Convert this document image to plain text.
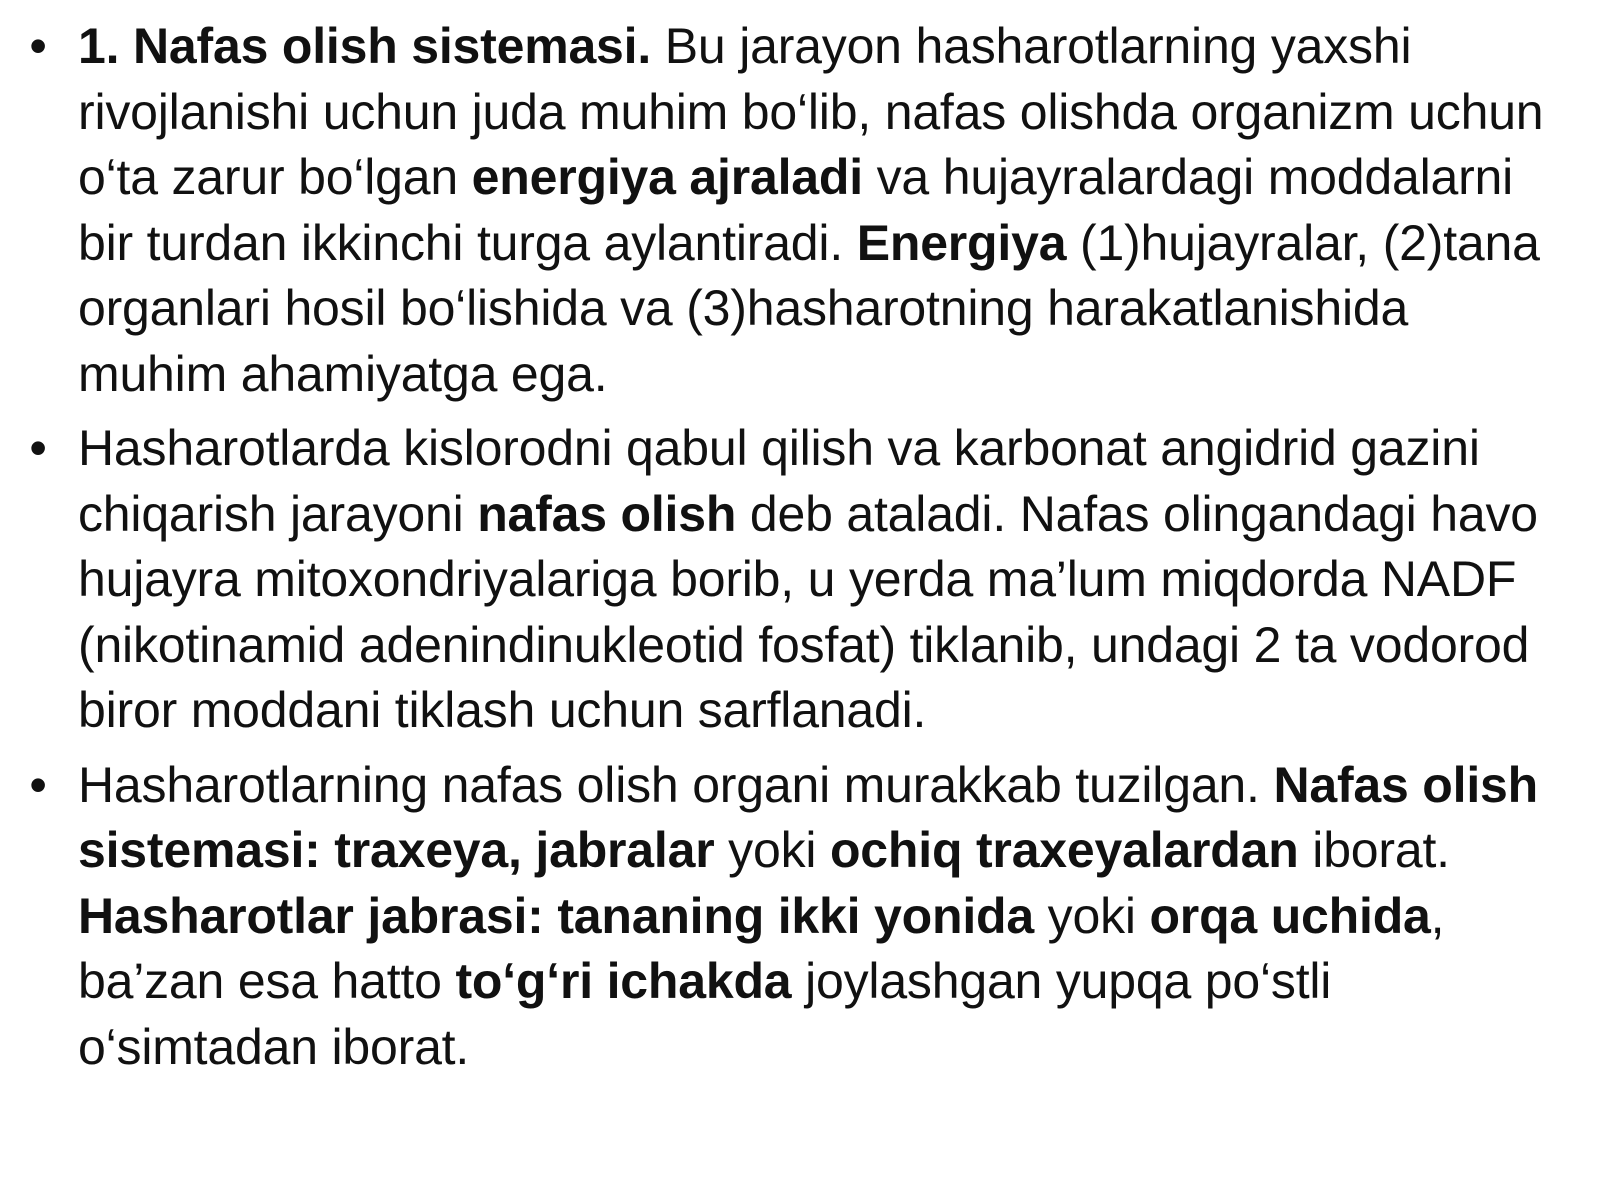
• 1. Nafas olish sistemasi. Bu jarayon hasharotlarning yaxshi rivojlanishi uchun juda muhim bo‘lib, nafas olishda organizm uchun o‘ta zarur bo‘lgan energiya ajraladi va hujayralardagi moddalarni bir turdan ikkinchi turga aylantiradi. Energiya (1)hujayralar, (2)tana organlari hosil bo‘lishida va (3)hasharotning harakatlanishida muhim ahamiyatga ega.
• Hasharotlarda kislorodni qabul qilish va karbonat angidrid gazini chiqarish jarayoni nafas olish deb ataladi. Nafas olingandagi havo hujayra mitoxondriyalariga borib, u yerda ma’lum miqdorda NADF (nikotinamid adenindinukleotid fosfat) tiklanib, undagi 2 ta vodorod biror moddani tiklash uchun sarflanadi.
• Hasharotlarning nafas olish organi murakkab tuzilgan. Nafas olish sistemasi: traxeya, jabralar yoki ochiq traxeyalardan iborat. Hasharotlar jabrasi: tananing ikki yonida yoki orqa uchida, ba’zan esa hatto to‘g‘ri ichakda joylashgan yupqa po‘stli o‘simtadan iborat.
